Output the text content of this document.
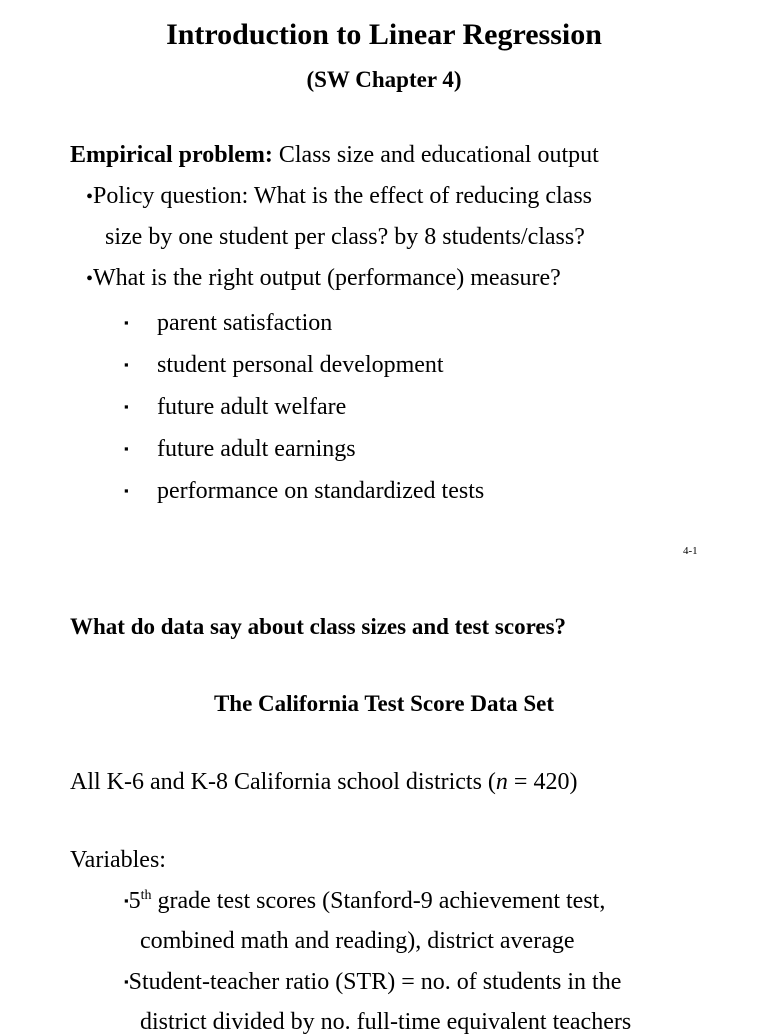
Introduction to Linear Regression
(SW Chapter 4)
Empirical problem: Class size and educational output
•Policy question: What is the effect of reducing class
size by one student per class? by 8 students/class?
•What is the right output (performance) measure?
▪ parent satisfaction
▪ student personal development
▪ future adult welfare
▪ future adult earnings
▪ performance on standardized tests
4-1
What do data say about class sizes and test scores?
The California Test Score Data Set
All K-6 and K-8 California school districts (n = 420)
Variables:
▪5th grade test scores (Stanford-9 achievement test,
combined math and reading), district average
▪Student-teacher ratio (STR) = no. of students in the
district divided by no. full-time equivalent teachers
